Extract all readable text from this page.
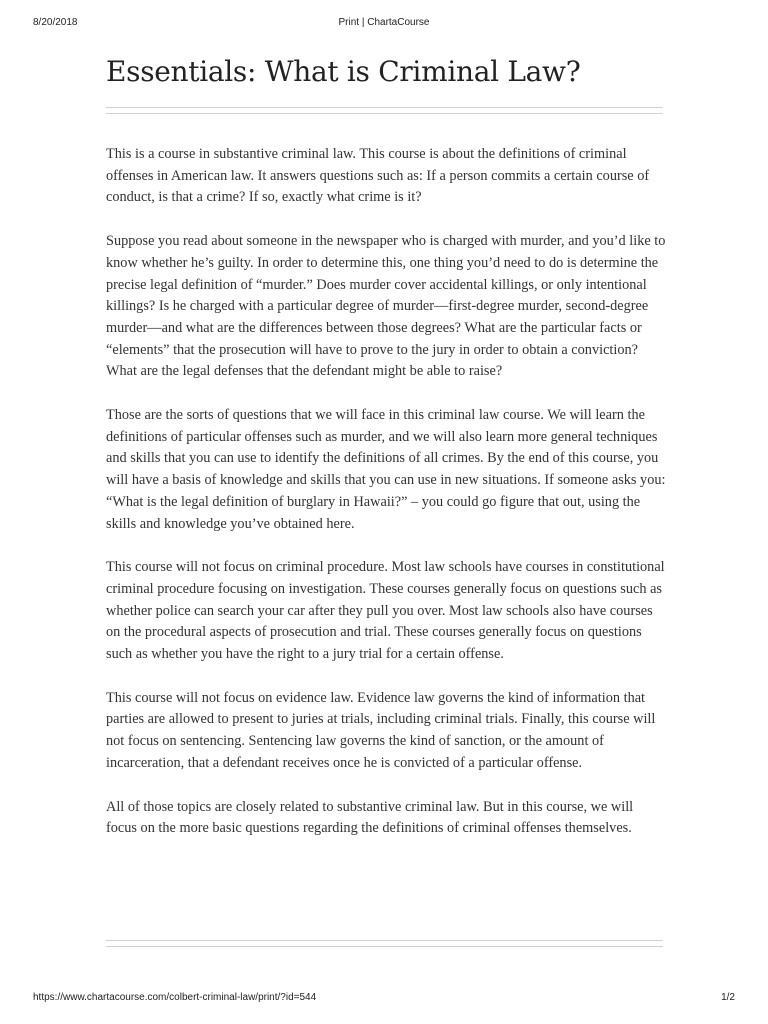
8/20/2018	Print | ChartaCourse
Essentials: What is Criminal Law?

This is a course in substantive criminal law. This course is about the definitions of criminal offenses in American law. It answers questions such as: If a person commits a certain course of conduct, is that a crime? If so, exactly what crime is it?

Suppose you read about someone in the newspaper who is charged with murder, and you’d like to know whether he’s guilty. In order to determine this, one thing you’d need to do is determine the precise legal definition of “murder.” Does murder cover accidental killings, or only intentional killings? Is he charged with a particular degree of murder—first-degree murder, second-degree murder—and what are the differences between those degrees? What are the particular facts or “elements” that the prosecution will have to prove to the jury in order to obtain a conviction? What are the legal defenses that the defendant might be able to raise?

Those are the sorts of questions that we will face in this criminal law course. We will learn the definitions of particular offenses such as murder, and we will also learn more general techniques and skills that you can use to identify the definitions of all crimes. By the end of this course, you will have a basis of knowledge and skills that you can use in new situations. If someone asks you: “What is the legal definition of burglary in Hawaii?” – you could go figure that out, using the skills and knowledge you’ve obtained here.

This course will not focus on criminal procedure. Most law schools have courses in constitutional criminal procedure focusing on investigation. These courses generally focus on questions such as whether police can search your car after they pull you over. Most law schools also have courses on the procedural aspects of prosecution and trial. These courses generally focus on questions such as whether you have the right to a jury trial for a certain offense.

This course will not focus on evidence law. Evidence law governs the kind of information that parties are allowed to present to juries at trials, including criminal trials. Finally, this course will not focus on sentencing. Sentencing law governs the kind of sanction, or the amount of incarceration, that a defendant receives once he is convicted of a particular offense.

All of those topics are closely related to substantive criminal law. But in this course, we will focus on the more basic questions regarding the definitions of criminal offenses themselves.

https://www.chartacourse.com/colbert-criminal-law/print/?id=544	1/2
